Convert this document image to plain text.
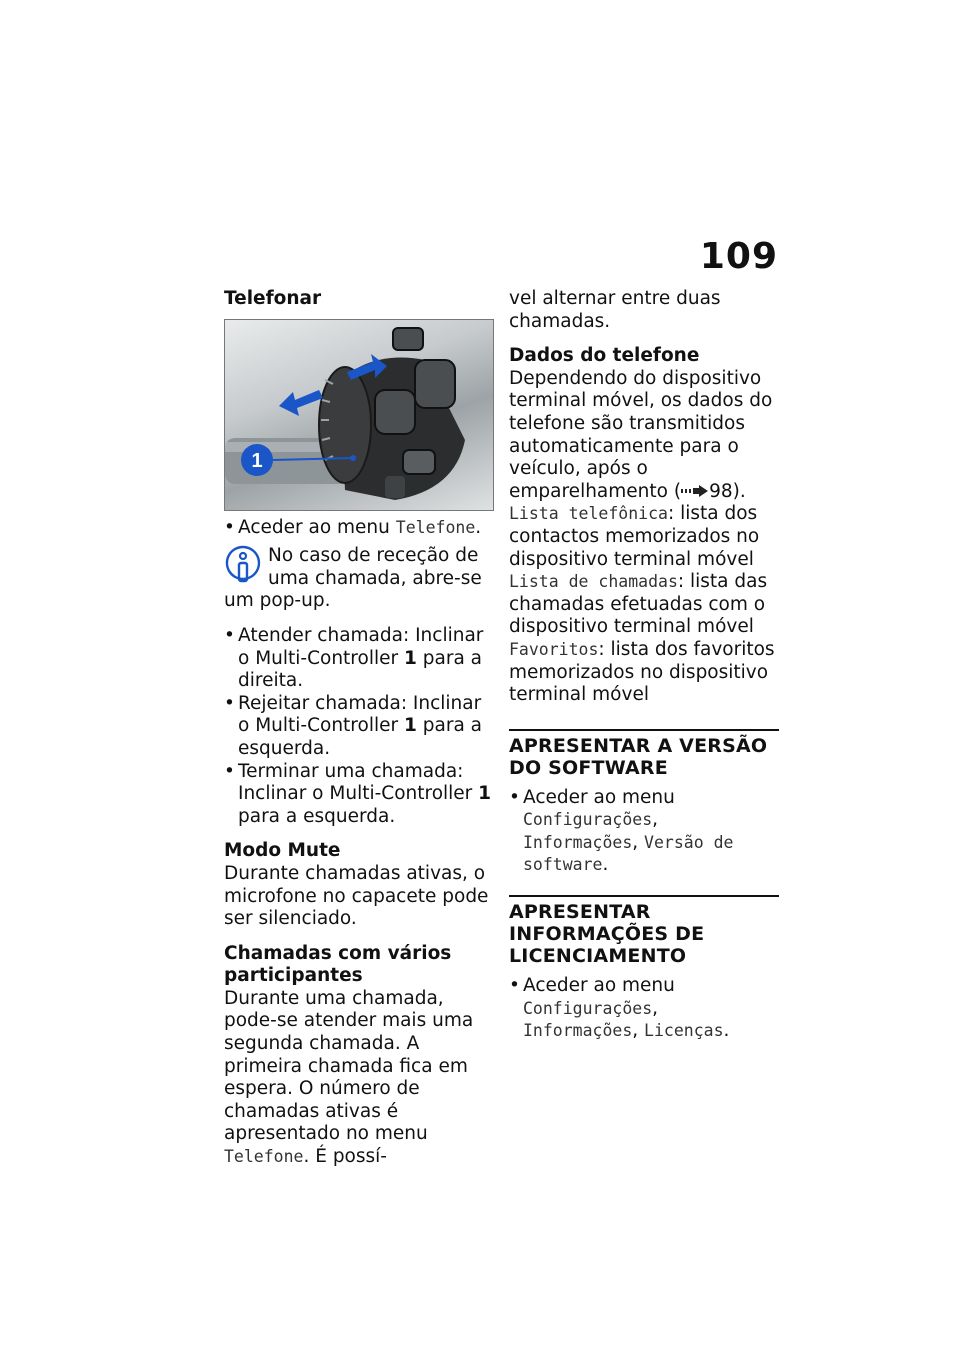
109

Telefonar

1

• Aceder ao menu Telefone.

No caso de receção de uma chamada, abre-se um pop-up.

• Atender chamada: Inclinar o Multi-Controller 1 para a direita.

• Rejeitar chamada: Inclinar o Multi-Controller 1 para a esquerda.

• Terminar uma chamada: Inclinar o Multi-Controller 1 para a esquerda.

Modo Mute

Durante chamadas ativas, o microfone no capacete pode ser silenciado.

Chamadas com vários participantes

Durante uma chamada, pode-se atender mais uma segunda chamada. A primeira chamada fica em espera. O número de chamadas ativas é apresentado no menu Telefone. É possí-

vel alternar entre duas chamadas.

Dados do telefone

Dependendo do dispositivo terminal móvel, os dados do telefone são transmitidos automaticamente para o veículo, após o emparelhamento ( 98).

Lista telefônica: lista dos contactos memorizados no dispositivo terminal móvel

Lista de chamadas: lista das chamadas efetuadas com o dispositivo terminal móvel

Favoritos: lista dos favoritos memorizados no dispositivo terminal móvel

APRESENTAR A VERSÃO DO SOFTWARE

• Aceder ao menu Configurações, Informações, Versão de software.

APRESENTAR INFORMAÇÕES DE LICENCIAMENTO

• Aceder ao menu Configurações, Informações, Licenças.
